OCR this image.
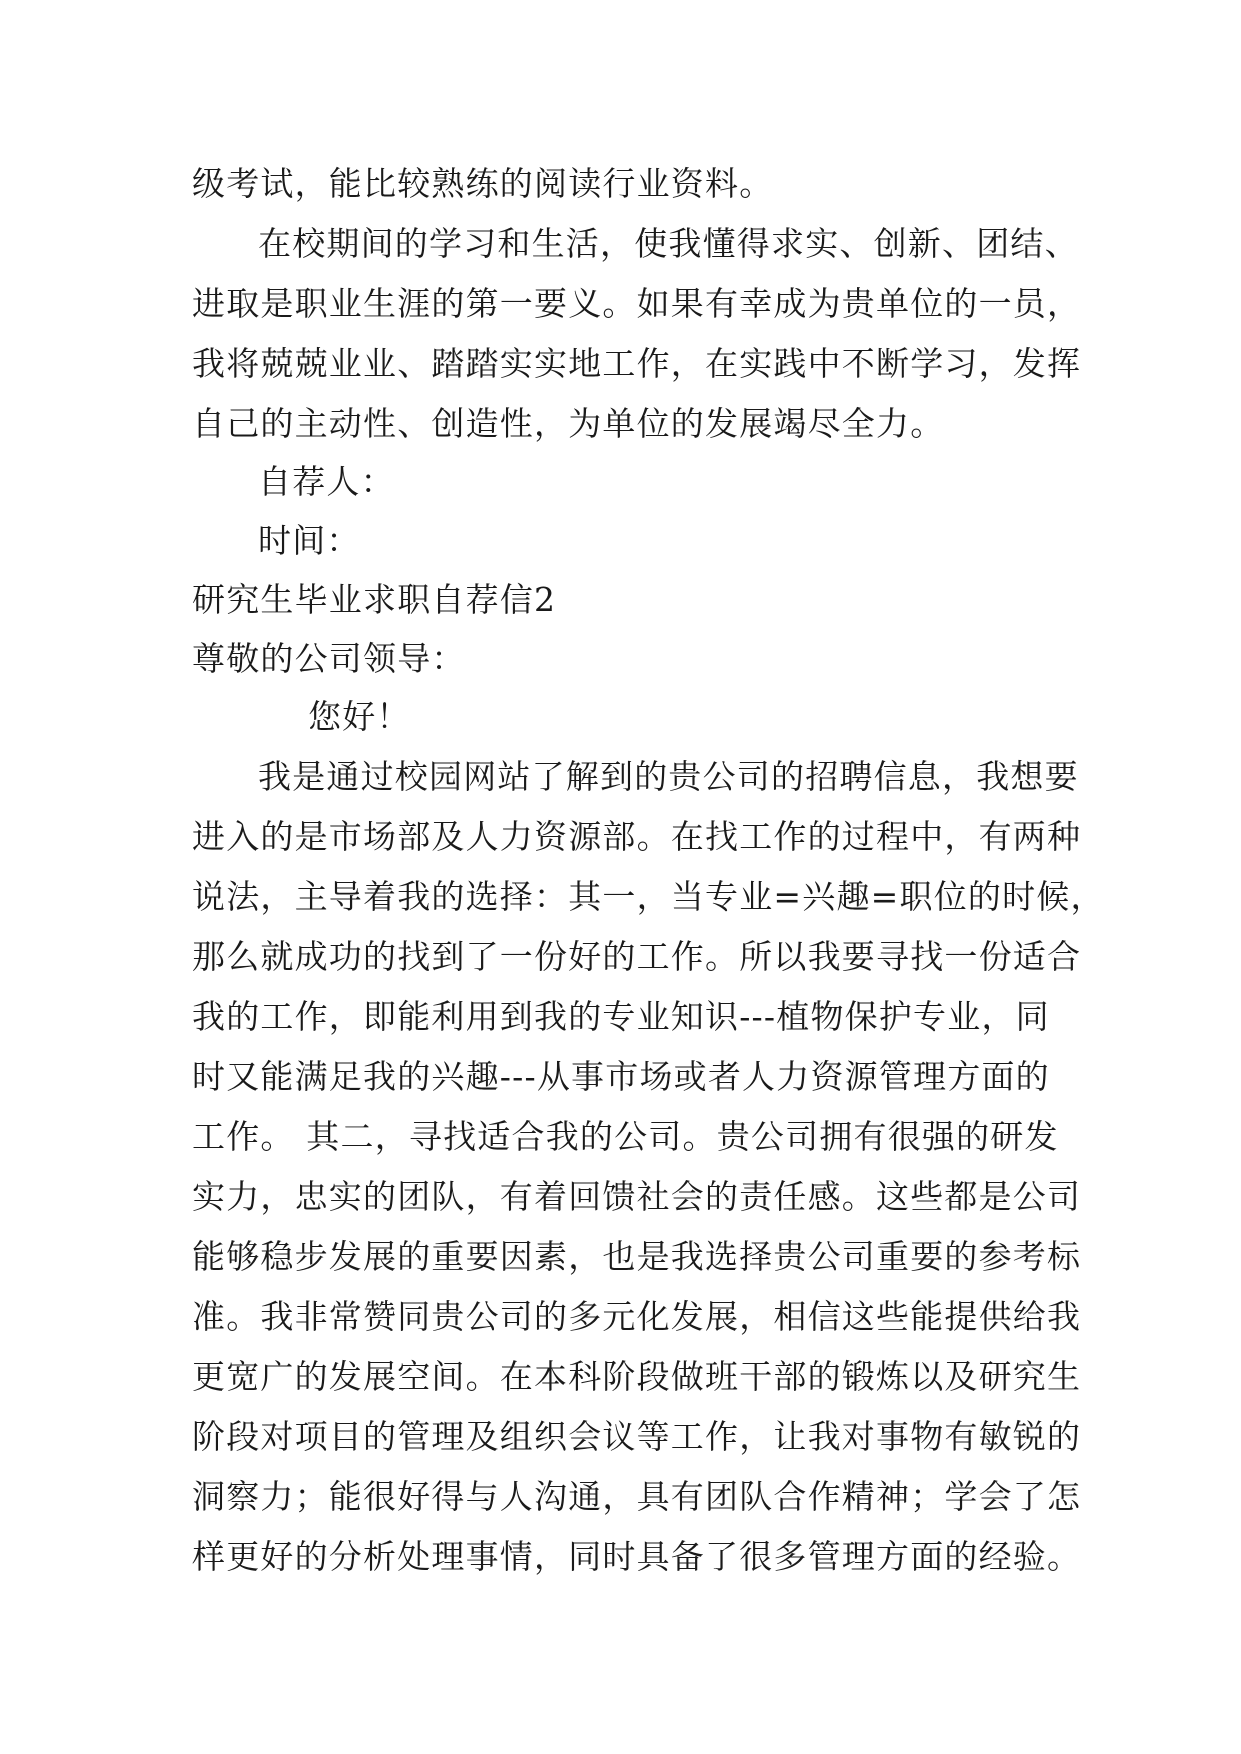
级考试，能比较熟练的阅读行业资料。
在校期间的学习和生活，使我懂得求实、创新、团结、
进取是职业生涯的第一要义。如果有幸成为贵单位的一员，
我将兢兢业业、踏踏实实地工作，在实践中不断学习，发挥
自己的主动性、创造性，为单位的发展竭尽全力。
自荐人：
时间：
研究生毕业求职自荐信2
尊敬的公司领导：
您好！
我是通过校园网站了解到的贵公司的招聘信息，我想要
进入的是市场部及人力资源部。在找工作的过程中，有两种
说法，主导着我的选择：其一，当专业=兴趣=职位的时候，
那么就成功的找到了一份好的工作。所以我要寻找一份适合
我的工作，即能利用到我的专业知识---植物保护专业，同
时又能满足我的兴趣---从事市场或者人力资源管理方面的
工作。 其二，寻找适合我的公司。贵公司拥有很强的研发
实力，忠实的团队，有着回馈社会的责任感。这些都是公司
能够稳步发展的重要因素，也是我选择贵公司重要的参考标
准。我非常赞同贵公司的多元化发展，相信这些能提供给我
更宽广的发展空间。在本科阶段做班干部的锻炼以及研究生
阶段对项目的管理及组织会议等工作，让我对事物有敏锐的
洞察力；能很好得与人沟通，具有团队合作精神；学会了怎
样更好的分析处理事情，同时具备了很多管理方面的经验。
